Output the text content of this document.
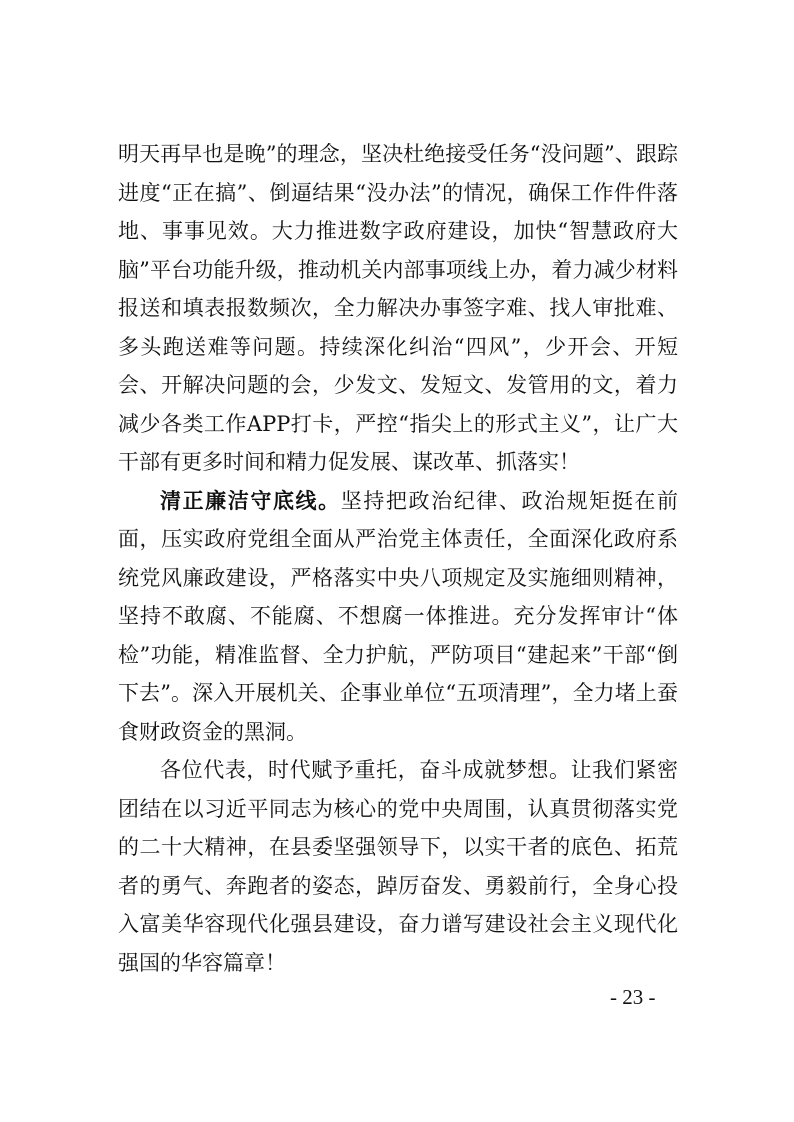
明天再早也是晚”的理念，坚决杜绝接受任务“没问题”、跟踪进度“正在搞”、倒逼结果“没办法”的情况，确保工作件件落地、事事见效。大力推进数字政府建设，加快“智慧政府大脑”平台功能升级，推动机关内部事项线上办，着力减少材料报送和填表报数频次，全力解决办事签字难、找人审批难、多头跑送难等问题。持续深化纠治“四风”，少开会、开短会、开解决问题的会，少发文、发短文、发管用的文，着力减少各类工作APP打卡，严控“指尖上的形式主义”，让广大干部有更多时间和精力促发展、谋改革、抓落实！

清正廉洁守底线。坚持把政治纪律、政治规矩挺在前面，压实政府党组全面从严治党主体责任，全面深化政府系统党风廉政建设，严格落实中央八项规定及实施细则精神，坚持不敢腐、不能腐、不想腐一体推进。充分发挥审计“体检”功能，精准监督、全力护航，严防项目“建起来”干部“倒下去”。深入开展机关、企事业单位“五项清理”，全力堵上蚕食财政资金的黑洞。

各位代表，时代赋予重托，奋斗成就梦想。让我们紧密团结在以习近平同志为核心的党中央周围，认真贯彻落实党的二十大精神，在县委坚强领导下，以实干者的底色、拓荒者的勇气、奔跑者的姿态，踔厉奋发、勇毅前行，全身心投入富美华容现代化强县建设，奋力谱写建设社会主义现代化强国的华容篇章！

- 23 -
